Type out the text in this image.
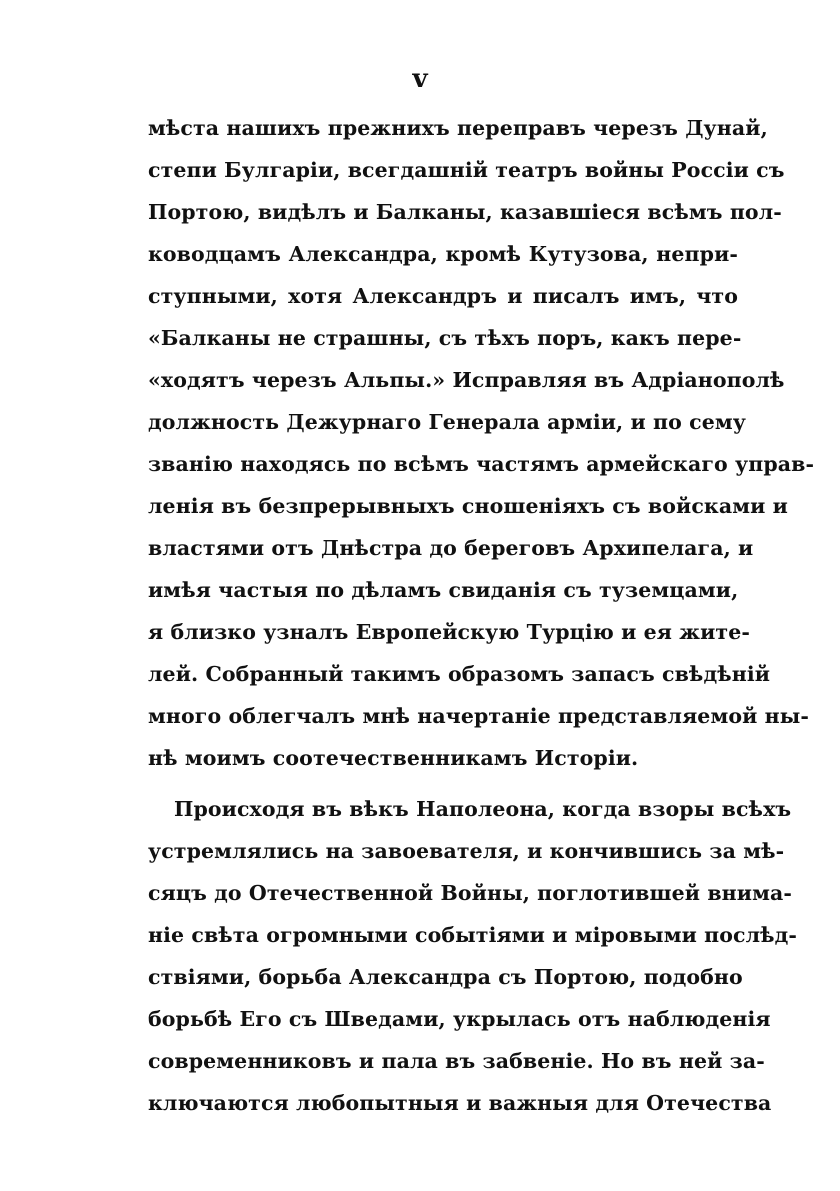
v
мѣста нашихъ прежнихъ переправъ черезъ Дунай,
степи Булгаріи, всегдашній театръ войны Россіи съ
Портою, видѣлъ и Балканы, казавшіеся всѣмъ пол-
ководцамъ Александра, кромѣ Кутузова, непри-
ступными, хотя Александръ и писалъ имъ, что
«Балканы не страшны, съ тѣхъ поръ, какъ пере-
«ходятъ черезъ Альпы.» Исправляя въ Адріанополѣ
должность Дежурнаго Генерала арміи, и по сему
званію находясь по всѣмъ частямъ армейскаго управ-
ленія въ безпрерывныхъ сношеніяхъ съ войсками и
властями отъ Днѣстра до береговъ Архипелага, и
имѣя частыя по дѣламъ свиданія съ туземцами,
я близко узналъ Европейскую Турцію и ея жите-
лей. Собранный такимъ образомъ запасъ свѣдѣній
много облегчалъ мнѣ начертаніе представляемой ны-
нѣ моимъ соотечественникамъ Исторіи.
Происходя въ вѣкъ Наполеона, когда взоры всѣхъ
устремлялись на завоевателя, и кончившись за мѣ-
сяцъ до Отечественной Войны, поглотившей внима-
ніе свѣта огромными событіями и міровыми послѣд-
ствіями, борьба Александра съ Портою, подобно
борьбѣ Его съ Шведами, укрылась отъ наблюденія
современниковъ и пала въ забвеніе. Но въ ней за-
ключаются любопытныя и важныя для Отечества
